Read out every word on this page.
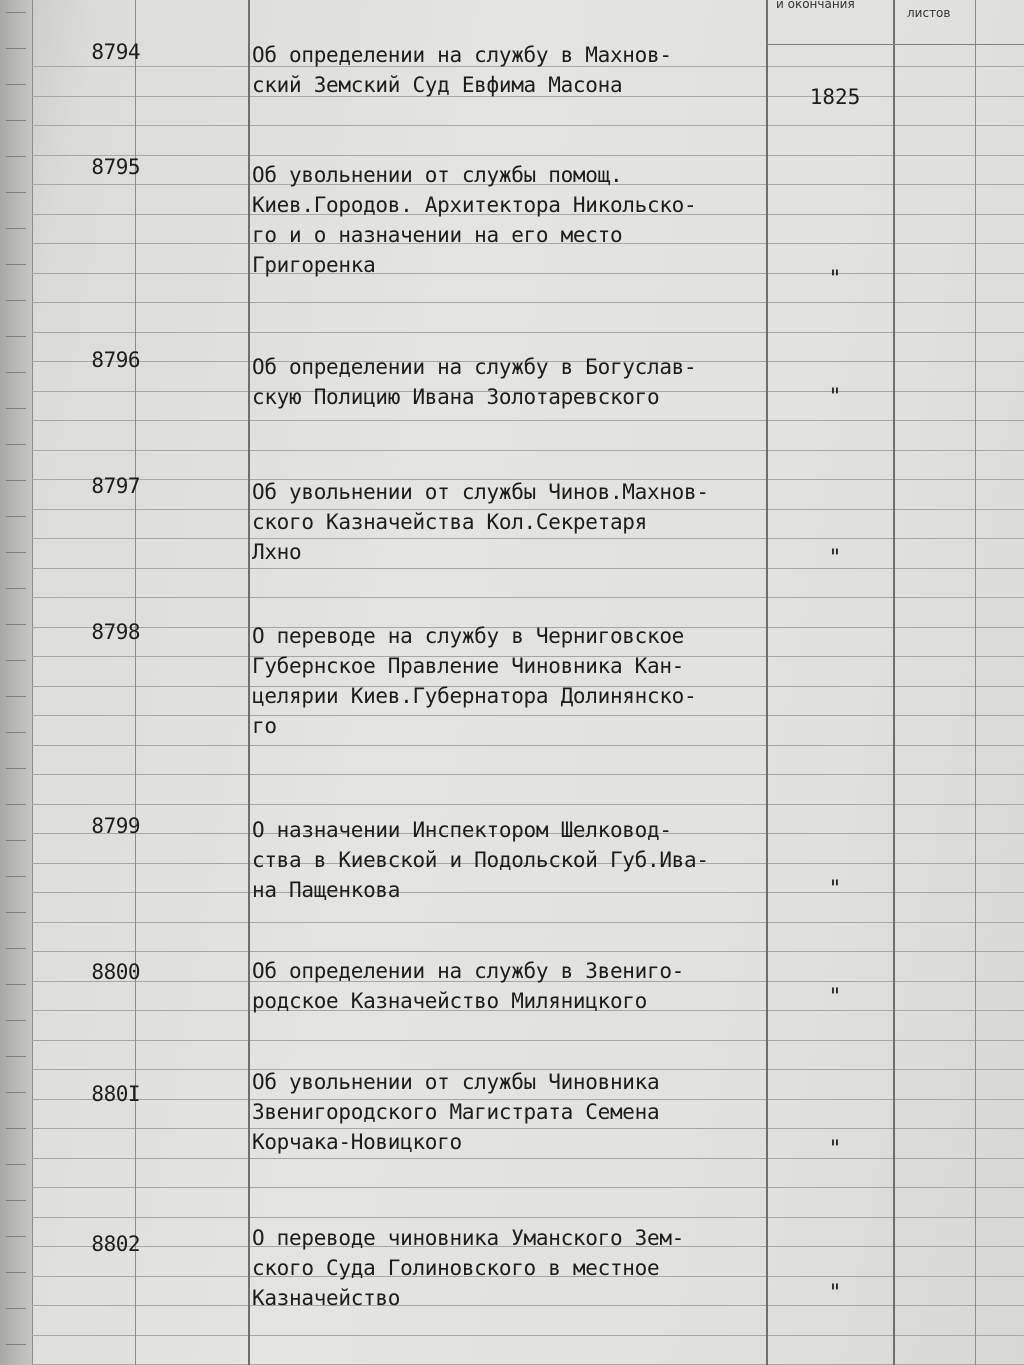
и окончания
листов
8794	Об определении на службу в Махнов-
ский Земский Суд Евфима Масона	1825
8795	Об увольнении от службы помощ.
Киев.Городов. Архитектора Никольско-
го и о назначении на его место
Григоренка
"
8796	Об определении на службу в Богуслав-
скую Полицию Ивана Золотаревского	"
8797	Об увольнении от службы Чинов.Махнов-
ского Казначейства Кол.Секретаря
Лхно	"
8798	О переводе на службу в Черниговское
Губернское Правление Чиновника Кан-
целярии Киев.Губернатора Долинянско-
го
8799	О назначении Инспектором Шелковод-
ства в Киевской и Подольской Губ.Ива-
на Пащенкова	"
8800	Об определении на службу в Звениго-
родское Казначейство Миляницкого	"
880I	Об увольнении от службы Чиновника
Звенигородского Магистрата Семена
Корчака-Новицкого	"
8802	О переводе чиновника Уманского Зем-
ского Суда Голиновского в местное
Казначейство	"
